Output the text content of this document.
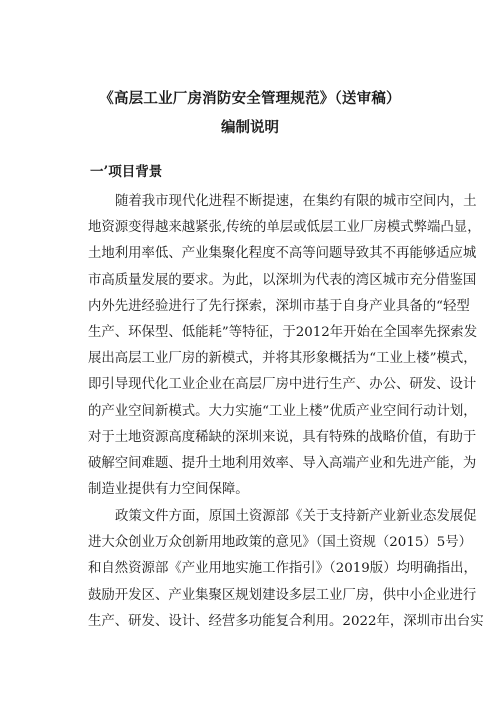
《高层工业厂房消防安全管理规范》（送审稿）
编制说明
一’项目背景
随着我市现代化进程不断提速，在集约有限的城市空间内，土
地资源变得越来越紧张,传统的单层或低层工业厂房模式弊端凸显，
土地利用率低、产业集聚化程度不高等问题导致其不再能够适应城
市高质量发展的要求。为此，以深圳为代表的湾区城市充分借鉴国
内外先进经验进行了先行探索，深圳市基于自身产业具备的“轻型
生产、环保型、低能耗”等特征，于2012年开始在全国率先探索发
展出高层工业厂房的新模式，并将其形象概括为“工业上楼”模式，
即引导现代化工业企业在高层厂房中进行生产、办公、研发、设计
的产业空间新模式。大力实施“工业上楼”优质产业空间行动计划，
对于土地资源高度稀缺的深圳来说，具有特殊的战略价值，有助于
破解空间难题、提升土地利用效率、导入高端产业和先进产能，为
制造业提供有力空间保障。
政策文件方面，原国土资源部《关于支持新产业新业态发展促
进大众创业万众创新用地政策的意见》（国土资规（2015）5号）
和自然资源部《产业用地实施工作指引》（2019版）均明确指出，
鼓励开发区、产业集聚区规划建设多层工业厂房，供中小企业进行
生产、研发、设计、经营多功能复合利用。2022年，深圳市出台实
